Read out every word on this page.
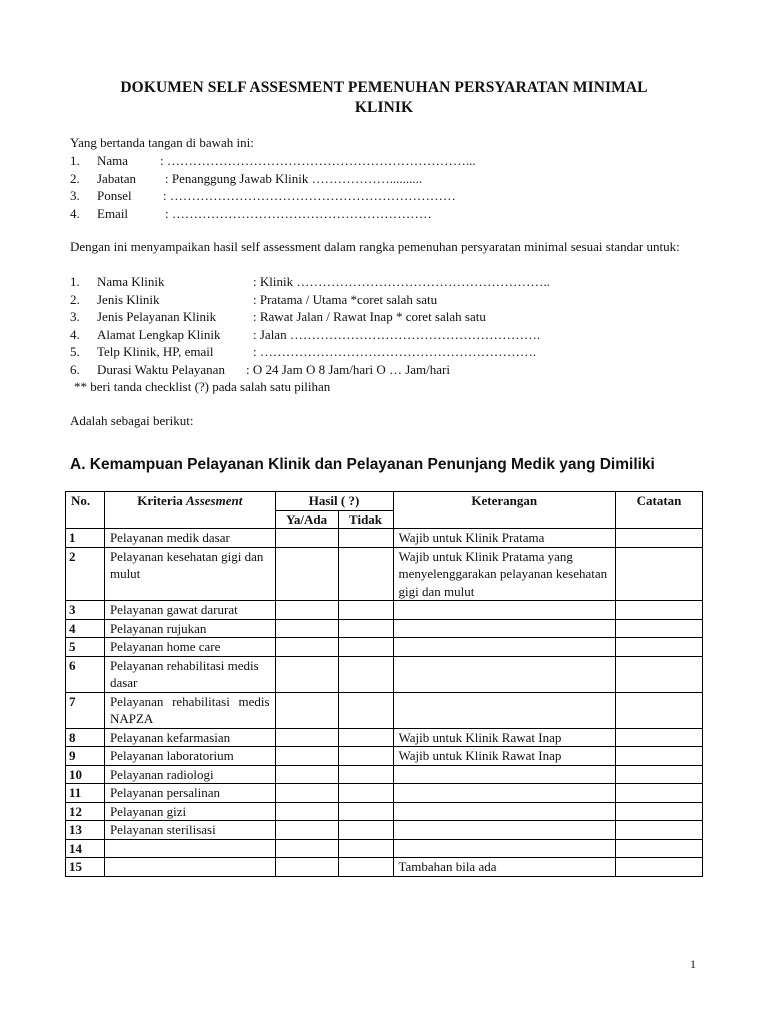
DOKUMEN SELF ASSESMENT PEMENUHAN PERSYARATAN MINIMAL
KLINIK
Yang bertanda tangan di bawah ini:
1. Nama : ……………………………………………………………...
2. Jabatan : Penanggung Jawab Klinik ………………..........
3. Ponsel : …………………………………………………………
4. Email	: ……………………………………………………
Dengan ini menyampaikan hasil self assessment dalam rangka pemenuhan persyaratan minimal sesuai standar untuk:
1. Nama Klinik	: Klinik …………………………………………………..
2. Jenis Klinik	: Pratama / Utama *coret salah satu
3. Jenis Pelayanan Klinik	: Rawat Jalan / Rawat Inap * coret salah satu
4. Alamat Lengkap Klinik	: Jalan ………………………………………………….
5. Telp Klinik, HP, email	: ……………………………………………………….
6. Durasi Waktu Pelayanan : O 24 Jam O 8 Jam/hari O … Jam/hari
** beri tanda checklist (?) pada salah satu pilihan
Adalah sebagai berikut:
A. Kemampuan Pelayanan Klinik dan Pelayanan Penunjang Medik yang Dimiliki
No.	Kriteria Assesment	Hasil ( ?)		Keterangan	Catatan
		Ya/Ada	Tidak		
1	Pelayanan medik dasar			Wajib untuk Klinik Pratama	
2	Pelayanan kesehatan gigi dan mulut			Wajib untuk Klinik Pratama yang menyelenggarakan pelayanan kesehatan gigi dan mulut	
3	Pelayanan gawat darurat				
4	Pelayanan rujukan				
5	Pelayanan home care				
6	Pelayanan rehabilitasi medis dasar				
7	Pelayanan rehabilitasi medis NAPZA				
8	Pelayanan kefarmasian			Wajib untuk Klinik Rawat Inap	
9	Pelayanan laboratorium			Wajib untuk Klinik Rawat Inap	
10	Pelayanan radiologi				
11	Pelayanan persalinan				
12	Pelayanan gizi				
13	Pelayanan sterilisasi				
14					
15				Tambahan bila ada	
1
